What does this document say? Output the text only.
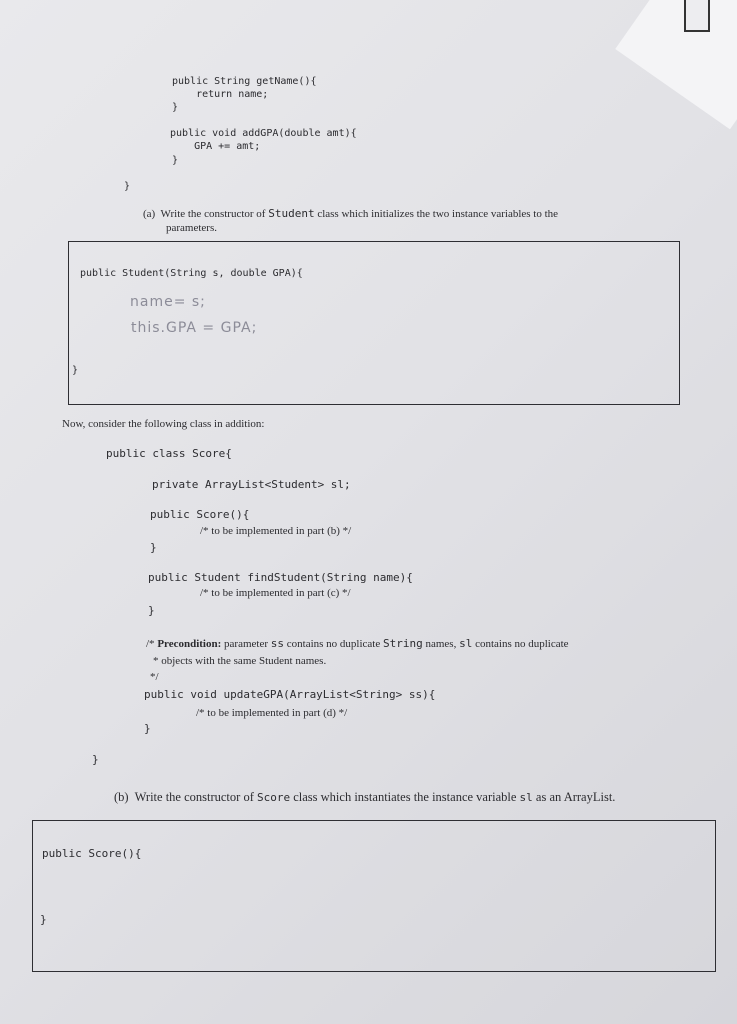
public String getName(){
return name;
}
public void addGPA(double amt){
GPA += amt;
}
}
(a) Write the constructor of Student class which initializes the two instance variables to the
parameters.
public Student(String s, double GPA){
name= s;
this.GPA = GPA;
}
Now, consider the following class in addition:
public class Score{
private ArrayList<Student> sl;
public Score(){
/* to be implemented in part (b) */
}
public Student findStudent(String name){
/* to be implemented in part (c) */
}
/* Precondition: parameter ss contains no duplicate String names, sl contains no duplicate
* objects with the same Student names.
*/
public void updateGPA(ArrayList<String> ss){
/* to be implemented in part (d) */
}
}
(b) Write the constructor of Score class which instantiates the instance variable sl as an ArrayList.
public Score(){
}
